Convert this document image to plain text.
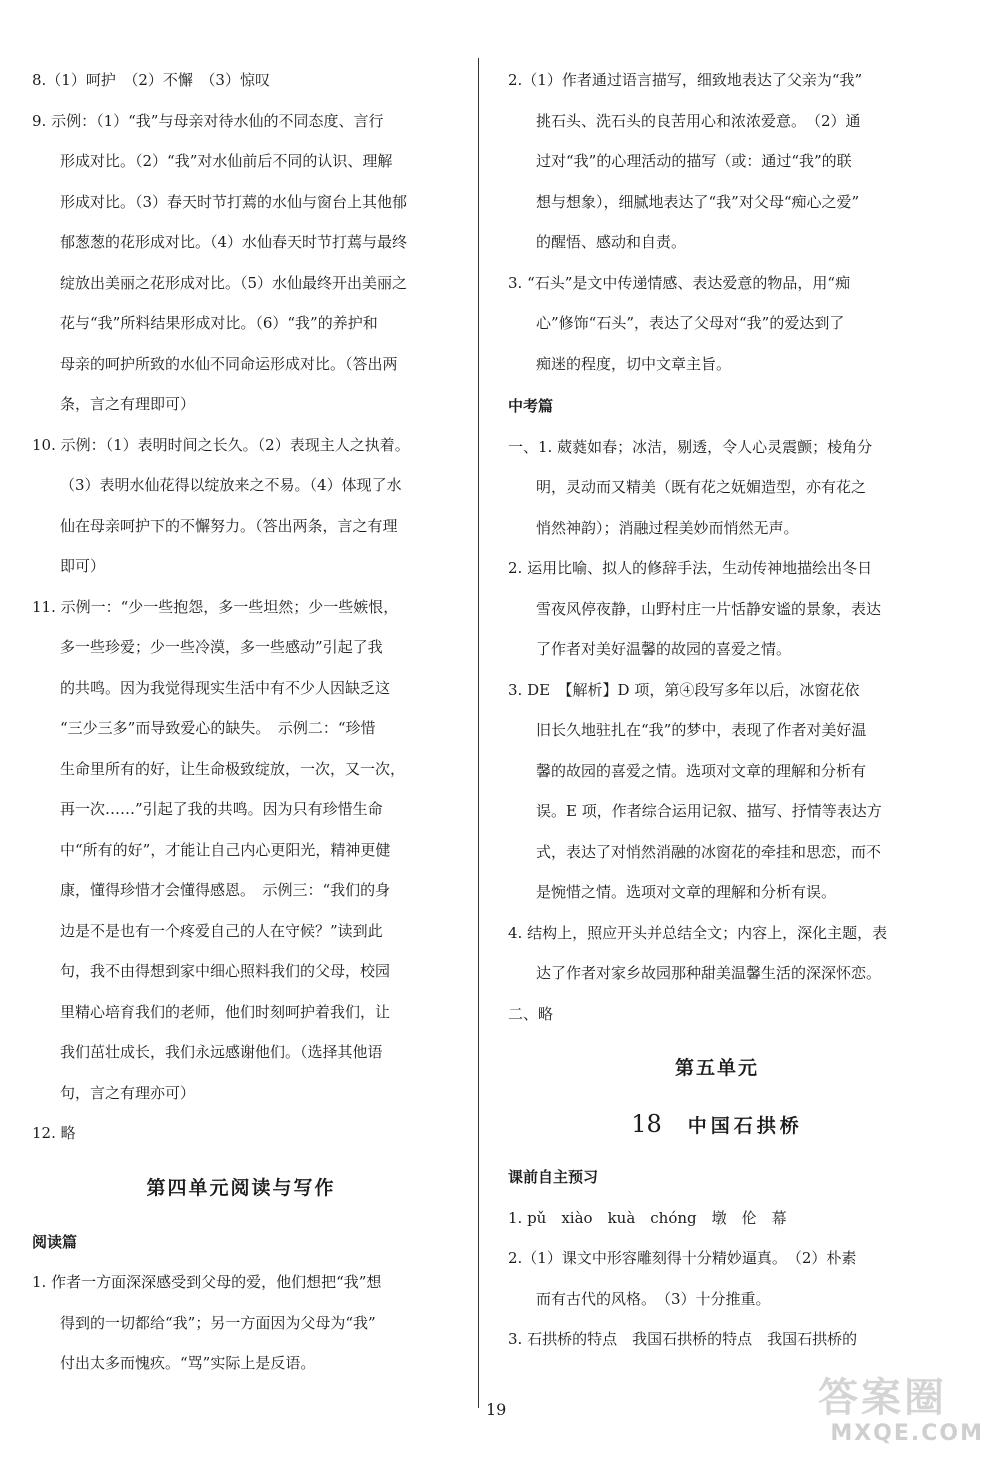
8.（1）呵护　（2）不懈　（3）惊叹
9. 示例：（1）“我”与母亲对待水仙的不同态度、言行
形成对比。（2）“我”对水仙前后不同的认识、理解
形成对比。（3）春天时节打蔫的水仙与窗台上其他郁
郁葱葱的花形成对比。（4）水仙春天时节打蔫与最终
绽放出美丽之花形成对比。（5）水仙最终开出美丽之
花与“我”所料结果形成对比。（6）“我”的养护和
母亲的呵护所致的水仙不同命运形成对比。（答出两
条，言之有理即可）
10. 示例：（1）表明时间之长久。（2）表现主人之执着。
（3）表明水仙花得以绽放来之不易。（4）体现了水
仙在母亲呵护下的不懈努力。（答出两条，言之有理
即可）
11. 示例一：“少一些抱怨，多一些坦然；少一些嫉恨，
多一些珍爱；少一些冷漠，多一些感动”引起了我
的共鸣。因为我觉得现实生活中有不少人因缺乏这
“三少三多”而导致爱心的缺失。　示例二：“珍惜
生命里所有的好，让生命极致绽放，一次，又一次，
再一次……”引起了我的共鸣。因为只有珍惜生命
中“所有的好”，才能让自己内心更阳光，精神更健
康，懂得珍惜才会懂得感恩。　示例三：“我们的身
边是不是也有一个疼爱自己的人在守候？”读到此
句，我不由得想到家中细心照料我们的父母，校园
里精心培育我们的老师，他们时刻呵护着我们，让
我们茁壮成长，我们永远感谢他们。（选择其他语
句，言之有理亦可）
12. 略
第四单元阅读与写作
阅读篇
1. 作者一方面深深感受到父母的爱，他们想把“我”想
得到的一切都给“我”；另一方面因为父母为“我”
付出太多而愧疚。“骂”实际上是反语。
2.（1）作者通过语言描写，细致地表达了父亲为“我”
挑石头、洗石头的良苦用心和浓浓爱意。　（2）通
过对“我”的心理活动的描写（或：通过“我”的联
想与想象），细腻地表达了“我”对父母“痴心之爱”
的醒悟、感动和自责。
3. “石头”是文中传递情感、表达爱意的物品，用“痴
心”修饰“石头”，表达了父母对“我”的爱达到了
痴迷的程度，切中文章主旨。
中考篇
一、1. 葳蕤如春；冰洁，剔透，令人心灵震颤；棱角分
明，灵动而又精美（既有花之妩媚造型，亦有花之
悄然神韵）；消融过程美妙而悄然无声。
2. 运用比喻、拟人的修辞手法，生动传神地描绘出冬日
雪夜风停夜静，山野村庄一片恬静安谧的景象，表达
了作者对美好温馨的故园的喜爱之情。
3. DE　【解析】D 项，第④段写多年以后，冰窗花依
旧长久地驻扎在“我”的梦中，表现了作者对美好温
馨的故园的喜爱之情。选项对文章的理解和分析有
误。E 项，作者综合运用记叙、描写、抒情等表达方
式，表达了对悄然消融的冰窗花的牵挂和思恋，而不
是惋惜之情。选项对文章的理解和分析有误。
4. 结构上，照应开头并总结全文；内容上，深化主题，表
达了作者对家乡故园那种甜美温馨生活的深深怀恋。
二、略
第五单元
18 中国石拱桥
课前自主预习
1. pǔ　xiào　kuà　chóng　墩　伦　幕
2.（1）课文中形容雕刻得十分精妙逼真。　（2）朴素
而有古代的风格。　（3）十分推重。
3. 石拱桥的特点　我国石拱桥的特点　我国石拱桥的
19	答案圈
MXQE.COM
